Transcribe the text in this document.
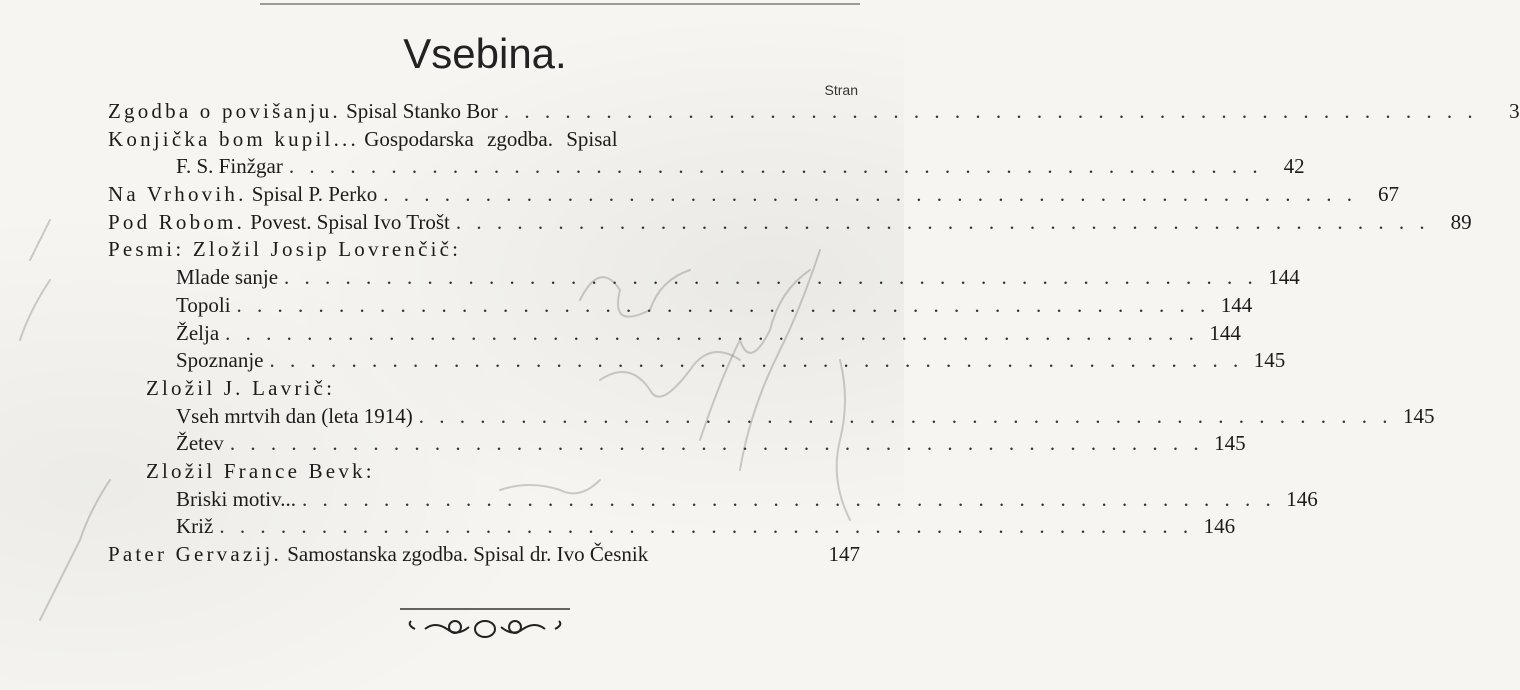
Vsebina.
Stran
Zgodba o povišanju. Spisal Stanko Bor . . . . . . . . . . . . . . . . . . . . . . . . . . . . . . . . . . . . . . . . . . . . . . . .	3
Konjička bom kupil... Gospodarska zgodba. Spisal
F. S. Finžgar . . . . . . . . . . . . . . . . . . . . . . . . . . . . . . . . . . . . . . . . . . . . . . . .	42
Na Vrhovih. Spisal P. Perko . . . . . . . . . . . . . . . . . . . . . . . . . . . . . . . . . . . . . . . . . . . . . . . .	67
Pod Robom. Povest. Spisal Ivo Trošt . . . . . . . . . . . . . . . . . . . . . . . . . . . . . . . . . . . . . . . . . . . . . . . .	89
Pesmi: Zložil Josip Lovrenčič:
Mlade sanje . . . . . . . . . . . . . . . . . . . . . . . . . . . . . . . . . . . . . . . . . . . . . . . . 144
Topoli . . . . . . . . . . . . . . . . . . . . . . . . . . . . . . . . . . . . . . . . . . . . . . . . 144
Želja . . . . . . . . . . . . . . . . . . . . . . . . . . . . . . . . . . . . . . . . . . . . . . . . 144
Spoznanje . . . . . . . . . . . . . . . . . . . . . . . . . . . . . . . . . . . . . . . . . . . . . . . . 145
Zložil J. Lavrič:
Vseh mrtvih dan (leta 1914) . . . . . . . . . . . . . . . . . . . . . . . . . . . . . . . . . . . . . . . . . . . . . . . . 145
Žetev . . . . . . . . . . . . . . . . . . . . . . . . . . . . . . . . . . . . . . . . . . . . . . . . 145
Zložil France Bevk:
Briski motiv... . . . . . . . . . . . . . . . . . . . . . . . . . . . . . . . . . . . . . . . . . . . . . . . . 146
Križ . . . . . . . . . . . . . . . . . . . . . . . . . . . . . . . . . . . . . . . . . . . . . . . . 146
Pater Gervazij. Samostanska zgodba. Spisal dr. Ivo Česnik	147
